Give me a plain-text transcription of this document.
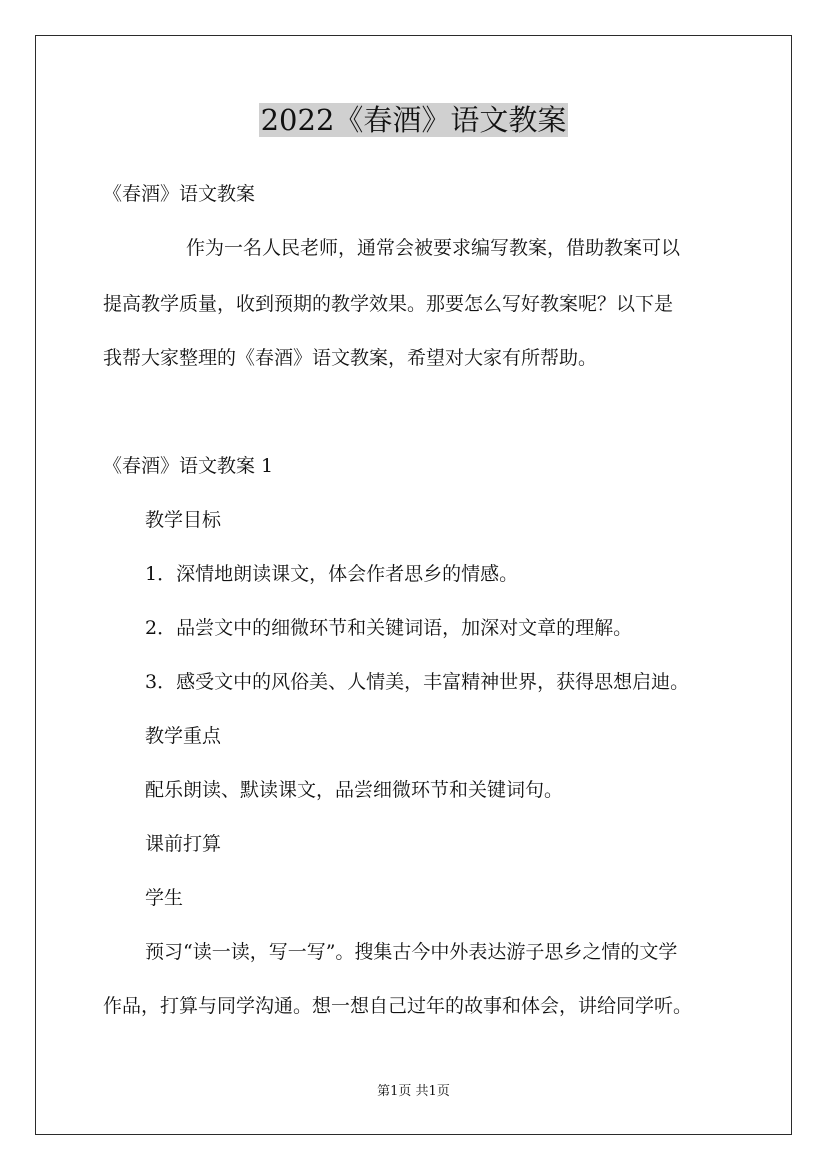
2022《春酒》语文教案
《春酒》语文教案
作为一名人民老师，通常会被要求编写教案，借助教案可以
提高教学质量，收到预期的教学效果。那要怎么写好教案呢？以下是
我帮大家整理的《春酒》语文教案，希望对大家有所帮助。
《春酒》语文教案 1
教学目标
1．深情地朗读课文，体会作者思乡的情感。
2．品尝文中的细微环节和关键词语，加深对文章的理解。
3．感受文中的风俗美、人情美，丰富精神世界，获得思想启迪。
教学重点
配乐朗读、默读课文，品尝细微环节和关键词句。
课前打算
学生
预习“读一读，写一写”。搜集古今中外表达游子思乡之情的文学
作品，打算与同学沟通。想一想自己过年的故事和体会，讲给同学听。
第1页 共1页
